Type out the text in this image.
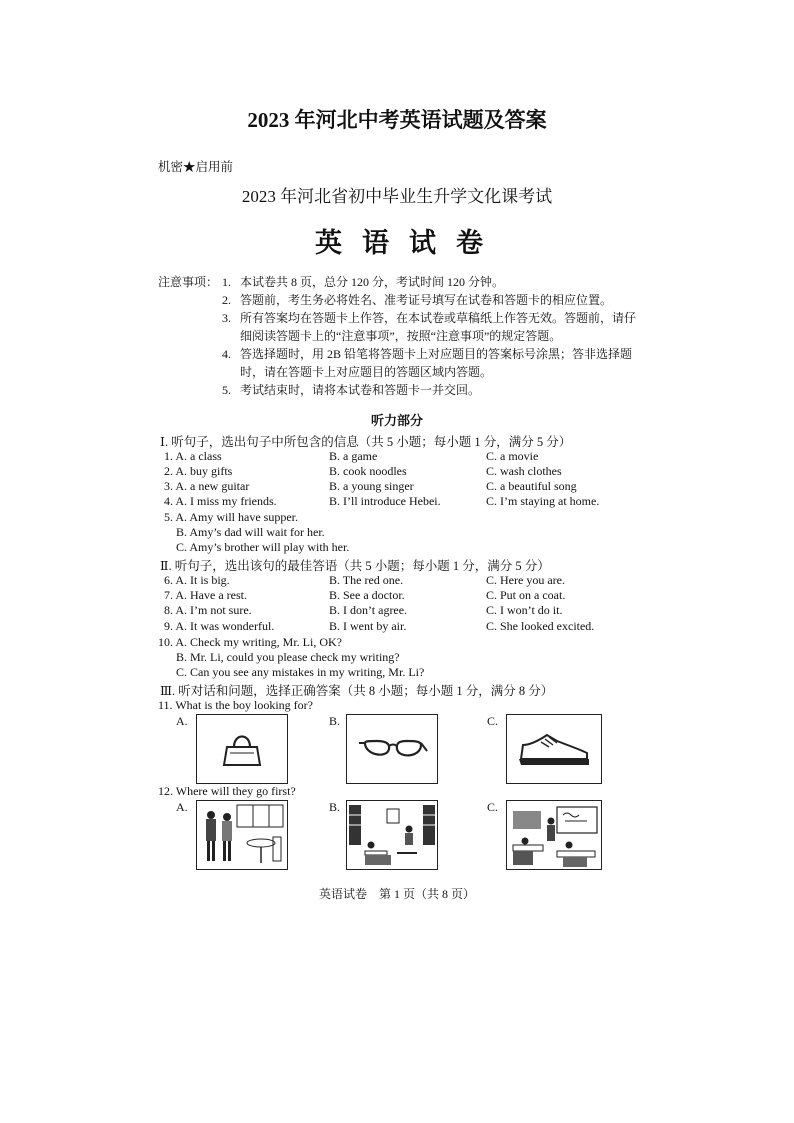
2023 年河北中考英语试题及答案
机密★启用前
2023 年河北省初中毕业生升学文化课考试
英语试卷
注意事项： 1. 本试卷共 8 页，总分 120 分，考试时间 120 分钟。
2. 答题前，考生务必将姓名、准考证号填写在试卷和答题卡的相应位置。
3. 所有答案均在答题卡上作答，在本试卷或草稿纸上作答无效。答题前，请仔
细阅读答题卡上的“注意事项”，按照“注意事项”的规定答题。
4. 答选择题时，用 2B 铅笔将答题卡上对应题目的答案标号涂黑；答非选择题
时，请在答题卡上对应题目的答题区域内答题。
5. 考试结束时，请将本试卷和答题卡一并交回。
听力部分
Ⅰ. 听句子，选出句子中所包含的信息（共 5 小题；每小题 1 分，满分 5 分）
1. A. a class	B. a game	C. a movie
2. A. buy gifts	B. cook noodles	C. wash clothes
3. A. a new guitar	B. a young singer	C. a beautiful song
4. A. I miss my friends.	B. I’ll introduce Hebei.	C. I’m staying at home.
5. A. Amy will have supper.
B. Amy’s dad will wait for her.
C. Amy’s brother will play with her.
Ⅱ. 听句子，选出该句的最佳答语（共 5 小题；每小题 1 分，满分 5 分）
6. A. It is big.	B. The red one.	C. Here you are.
7. A. Have a rest.	B. See a doctor.	C. Put on a coat.
8. A. I’m not sure.	B. I don’t agree.	C. I won’t do it.
9. A. It was wonderful.	B. I went by air.	C. She looked excited.
10. A. Check my writing, Mr. Li, OK?
B. Mr. Li, could you please check my writing?
C. Can you see any mistakes in my writing, Mr. Li?
Ⅲ. 听对话和问题，选择正确答案（共 8 小题；每小题 1 分，满分 8 分）
11. What is the boy looking for?
A.	B.	C.
12. Where will they go first?
A.	B.	C.
英语试卷　第 1 页（共 8 页）
